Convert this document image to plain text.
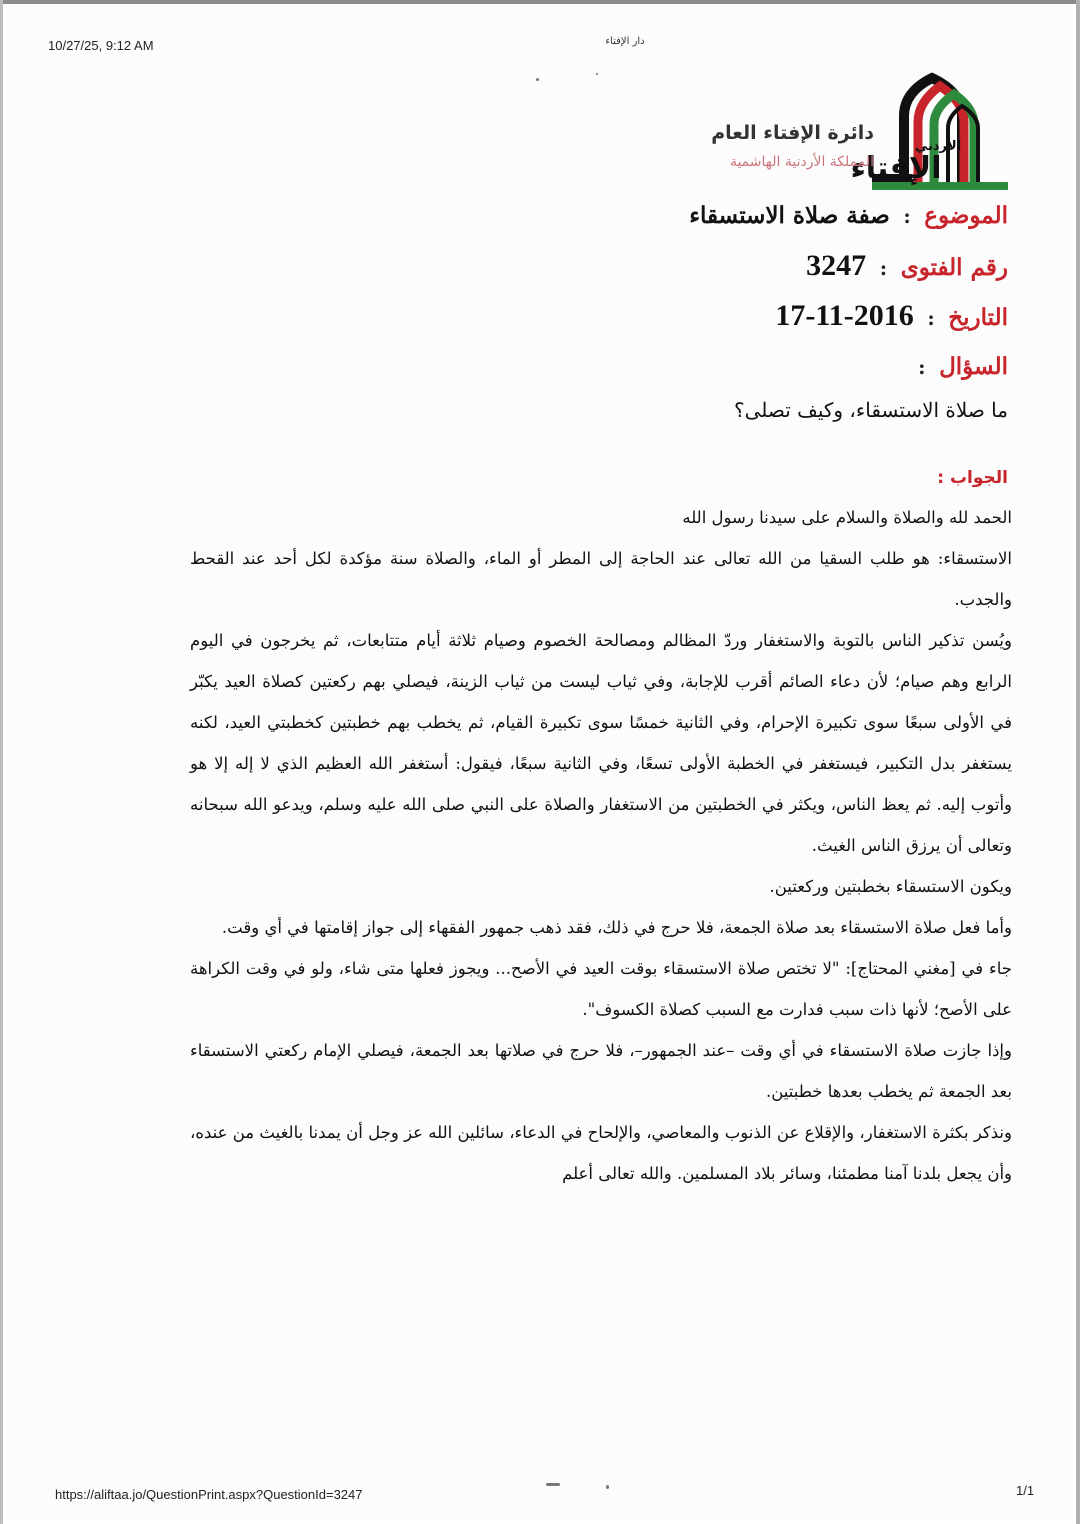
10/27/25, 9:12 AM	دار الإفتاء
الإفتاء
الأردني
دائرة الإفتاء العام
المملكة الأردنية الهاشمية
الموضوع : صفة صلاة الاستسقاء
رقم الفتوى : 3247
التاريخ : 2016-11-17
السؤال :
ما صلاة الاستسقاء، وكيف تصلى؟
الجواب :

الحمد لله والصلاة والسلام على سيدنا رسول الله

الاستسقاء: هو طلب السقيا من الله تعالى عند الحاجة إلى المطر أو الماء، والصلاة سنة مؤكدة لكل أحد عند القحط والجدب.

ويُسن تذكير الناس بالتوبة والاستغفار وردّ المظالم ومصالحة الخصوم وصيام ثلاثة أيام متتابعات، ثم يخرجون في اليوم الرابع وهم صيام؛ لأن دعاء الصائم أقرب للإجابة، وفي ثياب ليست من ثياب الزينة، فيصلي بهم ركعتين كصلاة العيد يكبّر في الأولى سبعًا سوى تكبيرة الإحرام، وفي الثانية خمسًا سوى تكبيرة القيام، ثم يخطب بهم خطبتين كخطبتي العيد، لكنه يستغفر بدل التكبير، فيستغفر في الخطبة الأولى تسعًا، وفي الثانية سبعًا، فيقول: أستغفر الله العظيم الذي لا إله إلا هو وأتوب إليه. ثم يعظ الناس، ويكثر في الخطبتين من الاستغفار والصلاة على النبي صلى الله عليه وسلم، ويدعو الله سبحانه وتعالى أن يرزق الناس الغيث.

ويكون الاستسقاء بخطبتين وركعتين.

وأما فعل صلاة الاستسقاء بعد صلاة الجمعة، فلا حرج في ذلك، فقد ذهب جمهور الفقهاء إلى جواز إقامتها في أي وقت.

جاء في [مغني المحتاج]: "لا تختص صلاة الاستسقاء بوقت العيد في الأصح... ويجوز فعلها متى شاء، ولو في وقت الكراهة على الأصح؛ لأنها ذات سبب فدارت مع السبب كصلاة الكسوف".

وإذا جازت صلاة الاستسقاء في أي وقت –عند الجمهور–، فلا حرج في صلاتها بعد الجمعة، فيصلي الإمام ركعتي الاستسقاء بعد الجمعة ثم يخطب بعدها خطبتين.

ونذكر بكثرة الاستغفار، والإقلاع عن الذنوب والمعاصي، والإلحاح في الدعاء، سائلين الله عز وجل أن يمدنا بالغيث من عنده، وأن يجعل بلدنا آمنا مطمئنا، وسائر بلاد المسلمين. والله تعالى أعلم

https://aliftaa.jo/QuestionPrint.aspx?QuestionId=3247	1/1
